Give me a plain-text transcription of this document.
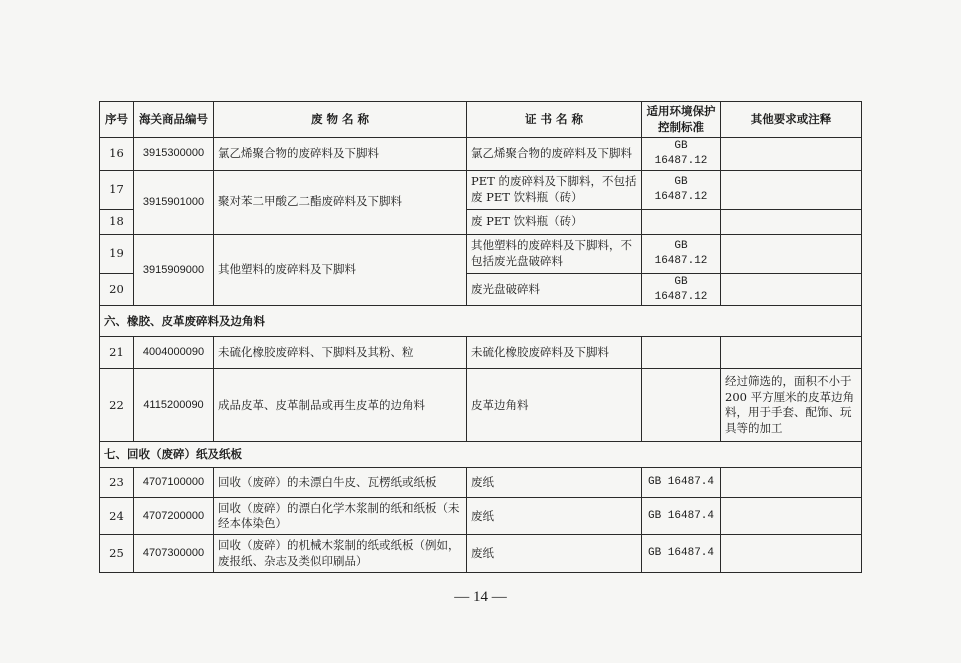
序号	海关商品编号	废 物 名 称	证 书 名 称	适用环境保护控制标准	其他要求或注释
16	3915300000	氯乙烯聚合物的废碎料及下脚料	氯乙烯聚合物的废碎料及下脚料	GB 16487.12	
17	3915901000	聚对苯二甲酸乙二酯废碎料及下脚料	PET 的废碎料及下脚料，不包括废 PET 饮料瓶（砖）	GB 16487.12	
18			废 PET 饮料瓶（砖）		
19	3915909000	其他塑料的废碎料及下脚料	其他塑料的废碎料及下脚料，不包括废光盘破碎料	GB 16487.12	
20			废光盘破碎料	GB 16487.12	
六、橡胶、皮革废碎料及边角料					
21	4004000090	未硫化橡胶废碎料、下脚料及其粉、粒	未硫化橡胶废碎料及下脚料		
22	4115200090	成品皮革、皮革制品或再生皮革的边角料	皮革边角料		经过筛选的，面积不小于 200 平方厘米的皮革边角料，用于手套、配饰、玩具等的加工
七、回收（废碎）纸及纸板					
23	4707100000	回收（废碎）的未漂白牛皮、瓦楞纸或纸板	废纸	GB 16487.4	
24	4707200000	回收（废碎）的漂白化学木浆制的纸和纸板（未经本体染色）	废纸	GB 16487.4	
25	4707300000	回收（废碎）的机械木浆制的纸或纸板（例如，废报纸、杂志及类似印刷品）	废纸	GB 16487.4	
— 14 —
